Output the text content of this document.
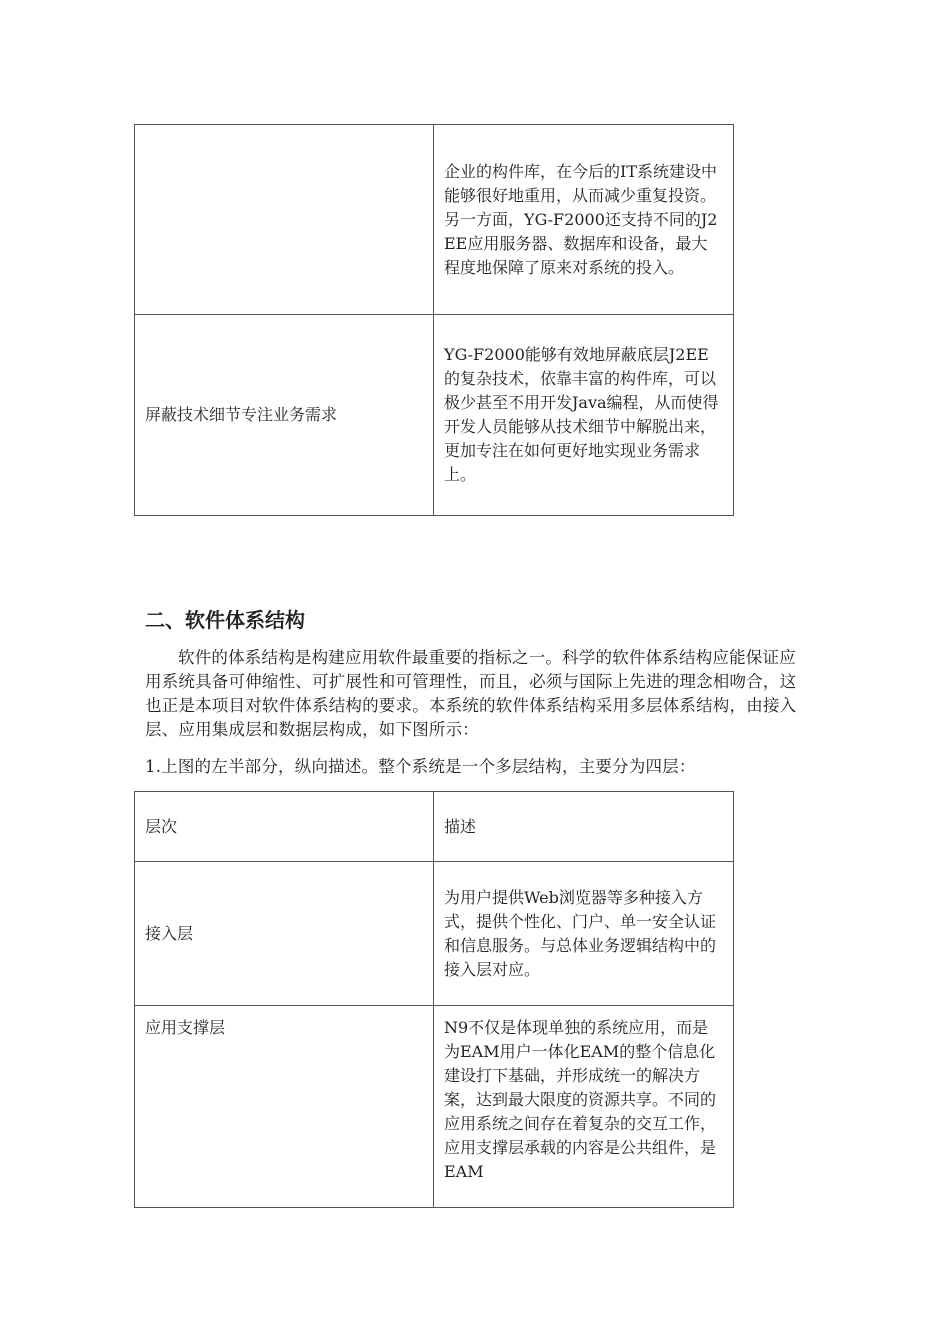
	企业的构件库，在今后的IT系统建设中能够很好地重用，从而减少重复投资。另一方面，YG-F2000还支持不同的J2EE应用服务器、数据库和设备，最大程度地保障了原来对系统的投入。
屏蔽技术细节专注业务需求	YG-F2000能够有效地屏蔽底层J2EE的复杂技术，依靠丰富的构件库，可以极少甚至不用开发Java编程，从而使得开发人员能够从技术细节中解脱出来，更加专注在如何更好地实现业务需求上。
二、软件体系结构

软件的体系结构是构建应用软件最重要的指标之一。科学的软件体系结构应能保证应用系统具备可伸缩性、可扩展性和可管理性，而且，必须与国际上先进的理念相吻合，这也正是本项目对软件体系结构的要求。本系统的软件体系结构采用多层体系结构，由接入层、应用集成层和数据层构成，如下图所示：

1.上图的左半部分，纵向描述。整个系统是一个多层结构，主要分为四层：

层次	描述
接入层	为用户提供Web浏览器等多种接入方式，提供个性化、门户、单一安全认证和信息服务。与总体业务逻辑结构中的接入层对应。
应用支撑层	N9不仅是体现单独的系统应用，而是为EAM用户一体化EAM的整个信息化建设打下基础，并形成统一的解决方案，达到最大限度的资源共享。不同的应用系统之间存在着复杂的交互工作，应用支撑层承载的内容是公共组件，是EAM
